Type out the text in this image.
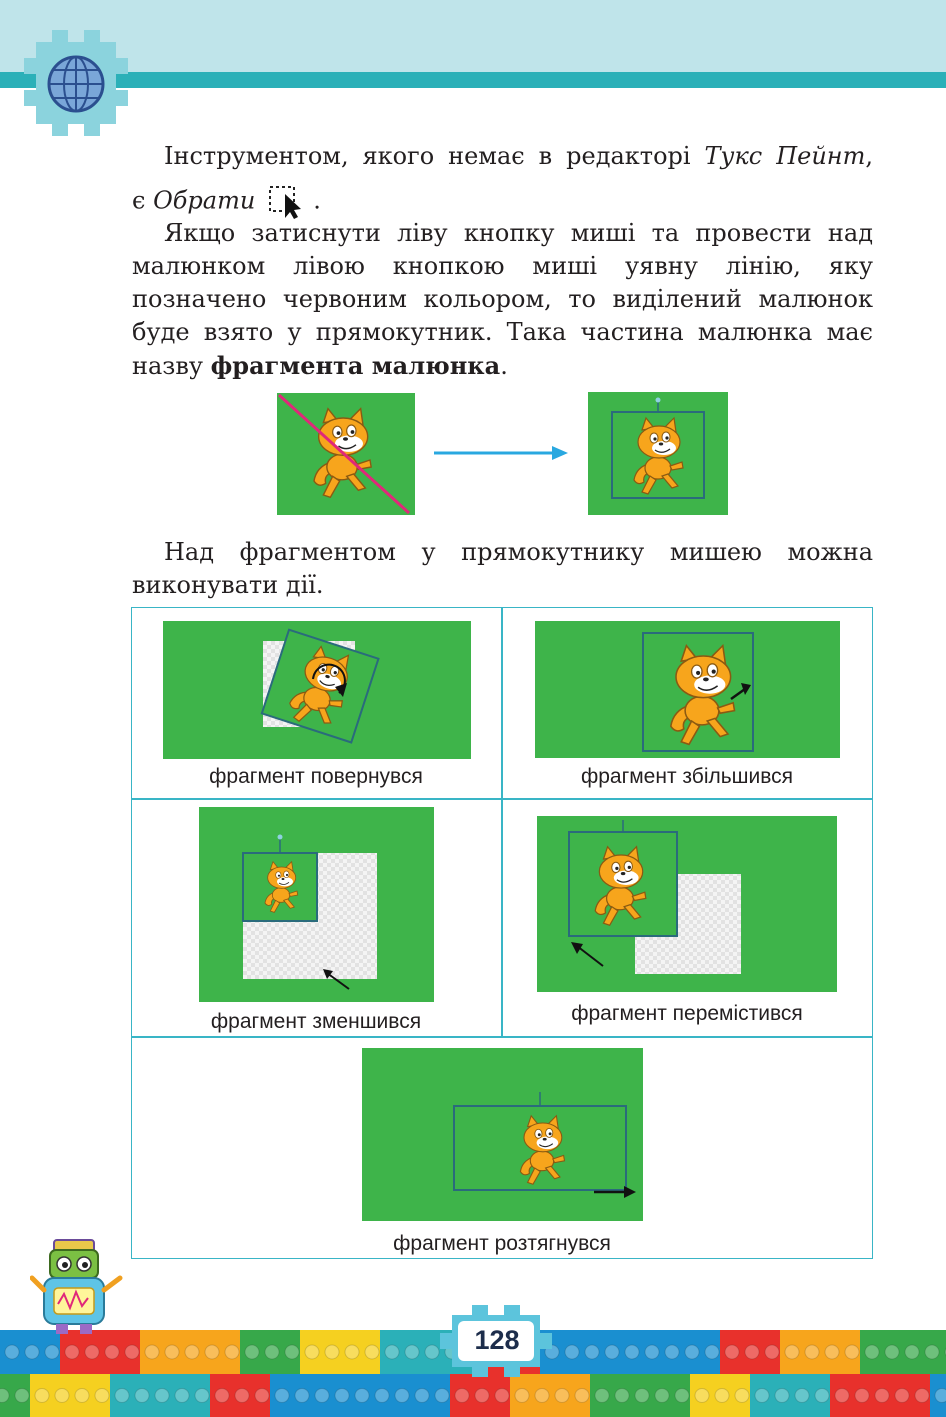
Інструментом, якого немає в редакторі Тукс Пейнт,

є Обрати .

Якщо затиснути ліву кнопку миші та провести над малюнком лівою кнопкою миші уявну лінію, яку позначено червоним кольором, то виділений малюнок буде взято у прямокутник. Така частина малюнка має назву фрагмента малюнка.

Над фрагментом у прямокутнику мишею можна виконувати дії.

фрагмент повернувся	фрагмент збільшився
фрагмент зменшився	фрагмент перемістився
фрагмент розтягнувся
128
